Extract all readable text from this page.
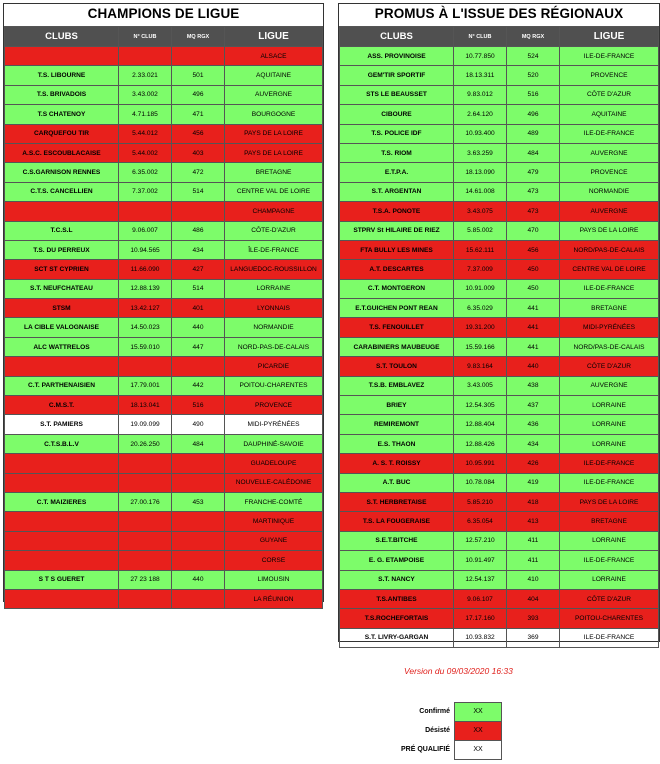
CHAMPIONS DE LIGUE
CLUBS	N° CLUB	MQ RGX	LIGUE
			ALSACE
T.S. LIBOURNE	2.33.021	501	AQUITAINE
T.S. BRIVADOIS	3.43.002	496	AUVERGNE
T.S CHATENOY	4.71.185	471	BOURGOGNE
CARQUEFOU TIR	5.44.012	456	PAYS DE LA LOIRE
A.S.C. ESCOUBLACAISE	5.44.002	403	PAYS DE LA LOIRE
C.S.GARNISON RENNES	6.35.002	472	BRETAGNE
C.T.S. CANCELLIEN	7.37.002	514	CENTRE VAL DE LOIRE
			CHAMPAGNE
T.C.S.L	9.06.007	486	CÔTE-D'AZUR
T.S. DU PERREUX	10.94.565	434	ÎLE-DE-FRANCE
SCT ST CYPRIEN	11.66.090	427	LANGUEDOC-ROUSSILLON
S.T. NEUFCHATEAU	12.88.139	514	LORRAINE
STSM	13.42.127	401	LYONNAIS
LA CIBLE VALOGNAISE	14.50.023	440	NORMANDIE
ALC WATTRELOS	15.59.010	447	NORD-PAS-DE-CALAIS
			PICARDIE
C.T. PARTHENAISIEN	17.79.001	442	POITOU-CHARENTES
C.M.S.T.	18.13.041	516	PROVENCE
S.T. PAMIERS	19.09.099	490	MIDI-PYRÉNÉES
C.T.S.B.L.V	20.26.250	484	DAUPHINÉ-SAVOIE
			GUADELOUPE
			NOUVELLE-CALÉDONIE
C.T. MAIZIERES	27.00.176	453	FRANCHE-COMTÉ
			MARTINIQUE
			GUYANE
			CORSE
S T S GUERET	27 23 188	440	LIMOUSIN
			LA RÉUNION
PROMUS À L'ISSUE DES RÉGIONAUX
CLUBS	N° CLUB	MQ RGX	LIGUE
ASS. PROVINOISE	10.77.850	524	ILE-DE-FRANCE
GEM'TIR SPORTIF	18.13.311	520	PROVENCE
STS LE BEAUSSET	9.83.012	516	CÔTE D'AZUR
CIBOURE	2.64.120	496	AQUITAINE
T.S. POLICE IDF	10.93.400	489	ILE-DE-FRANCE
T.S. RIOM	3.63.259	484	AUVERGNE
E.T.P.A.	18.13.090	479	PROVENCE
S.T. ARGENTAN	14.61.008	473	NORMANDIE
T.S.A. PONOTE	3.43.075	473	AUVERGNE
STPRV St HILAIRE DE RIEZ	5.85.002	470	PAYS DE LA LOIRE
FTA BULLY LES MINES	15.62.111	456	NORD/PAS-DE-CALAIS
A.T. DESCARTES	7.37.009	450	CENTRE VAL DE LOIRE
C.T. MONTGERON	10.91.009	450	ILE-DE-FRANCE
E.T.GUICHEN PONT REAN	6.35.029	441	BRETAGNE
T.S. FENOUILLET	19.31.200	441	MIDI-PYRÉNÉES
CARABINIERS MAUBEUGE	15.59.166	441	NORD/PAS-DE-CALAIS
S.T. TOULON	9.83.164	440	CÔTE D'AZUR
T.S.B. EMBLAVEZ	3.43.005	438	AUVERGNE
BRIEY	12.54.305	437	LORRAINE
REMIREMONT	12.88.404	436	LORRAINE
E.S. THAON	12.88.426	434	LORRAINE
A. S. T. ROISSY	10.95.991	426	ILE-DE-FRANCE
A.T. BUC	10.78.084	419	ILE-DE-FRANCE
S.T. HERBRETAISE	5.85.210	418	PAYS DE LA LOIRE
T.S. LA FOUGERAISE	6.35.054	413	BRETAGNE
S.E.T.BITCHE	12.57.210	411	LORRAINE
E. G. ETAMPOISE	10.91.497	411	ILE-DE-FRANCE
S.T. NANCY	12.54.137	410	LORRAINE
T.S.ANTIBES	9.06.107	404	CÔTE D'AZUR
T.S.ROCHEFORTAIS	17.17.160	393	POITOU-CHARENTES
S.T. LIVRY-GARGAN	10.93.832	369	ILE-DE-FRANCE
Version du 09/03/2020 16:33
Confirmé	XX
Désisté	XX
PRÉ QUALIFIÉ	XX
